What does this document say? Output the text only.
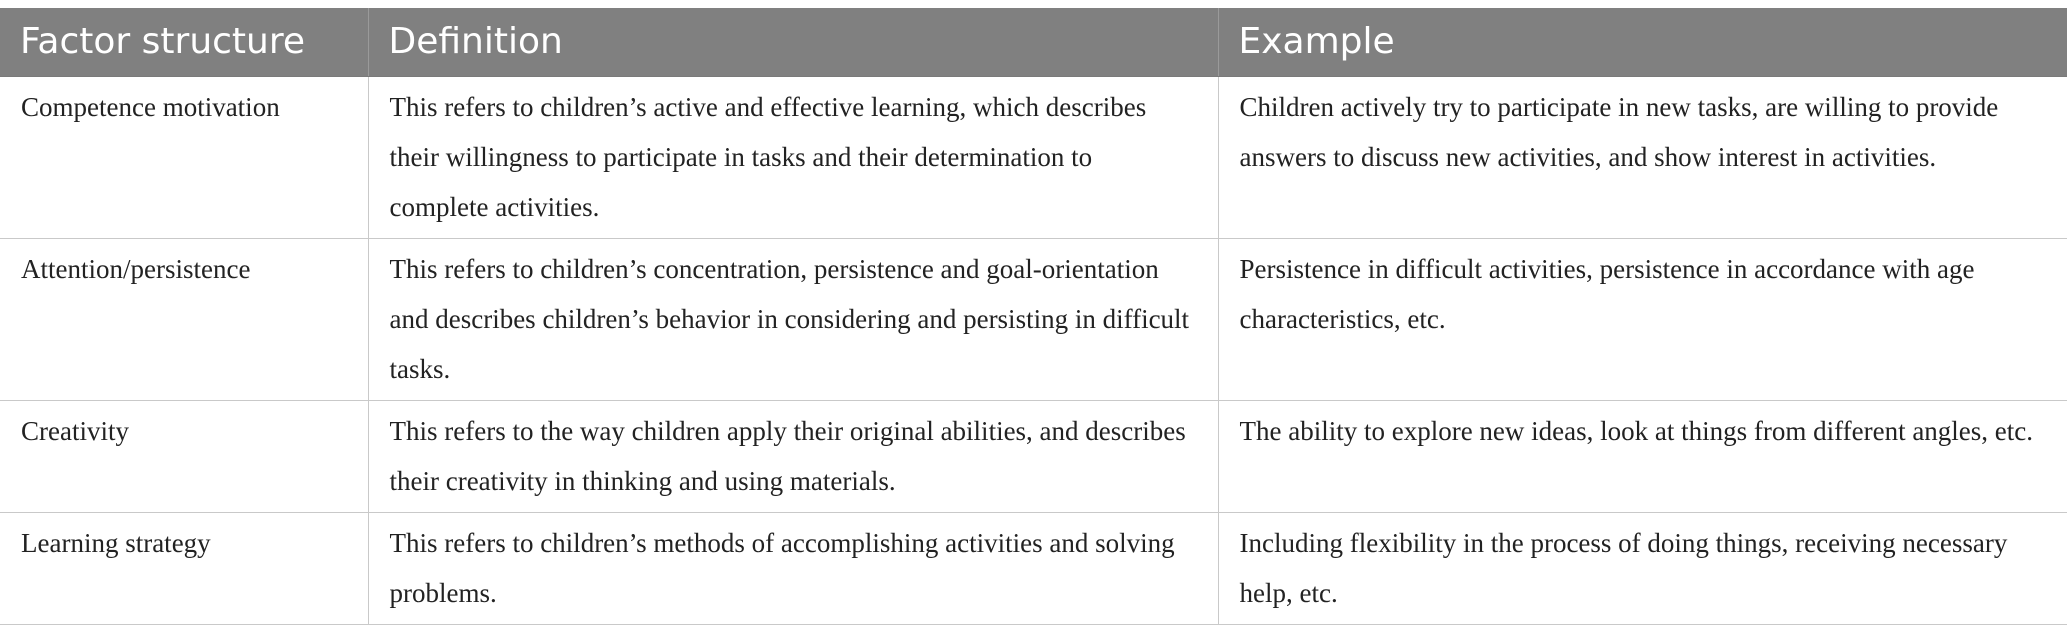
Factor structure	Definition	Example
Competence motivation	This refers to children’s active and effective learning, which describes their willingness to participate in tasks and their determination to complete activities.	Children actively try to participate in new tasks, are willing to provide answers to discuss new activities, and show interest in activities.
Attention/persistence	This refers to children’s concentration, persistence and goal-orientation and describes children’s behavior in considering and persisting in difficult tasks.	Persistence in difficult activities, persistence in accordance with age characteristics, etc.
Creativity	This refers to the way children apply their original abilities, and describes their creativity in thinking and using materials.	The ability to explore new ideas, look at things from different angles, etc.
Learning strategy	This refers to children’s methods of accomplishing activities and solving problems.	Including flexibility in the process of doing things, receiving necessary help, etc.
